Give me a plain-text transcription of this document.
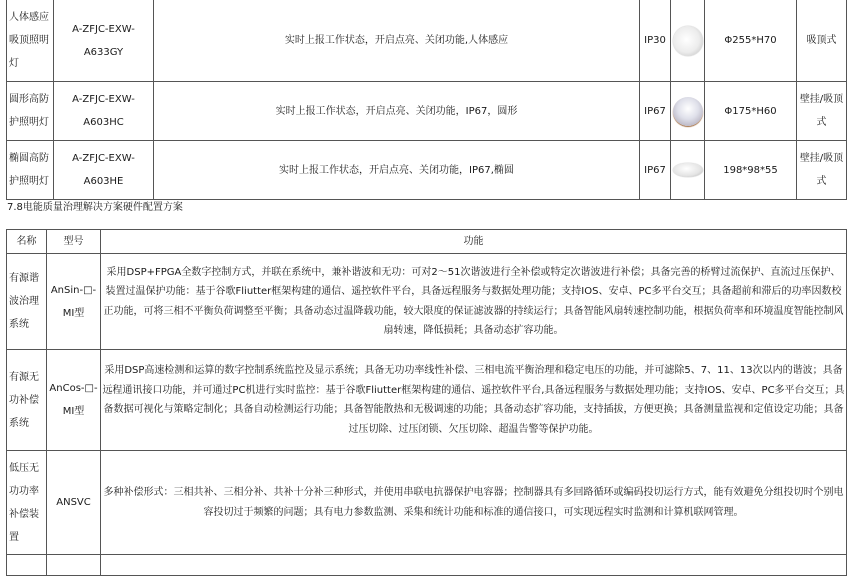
人体感应吸顶照明灯	A-ZFJC-EXW-A633GY	实时上报工作状态，开启点亮、关闭功能,人体感应	IP30		Φ255*H70	吸顶式
圆形高防护照明灯	A-ZFJC-EXW-A603HC	实时上报工作状态，开启点亮、关闭功能，IP67，圆形	IP67		Φ175*H60	壁挂/吸顶式
椭圆高防护照明灯	A-ZFJC-EXW-A603HE	实时上报工作状态，开启点亮、关闭功能，IP67,椭圆	IP67		198*98*55	壁挂/吸顶式

7.8电能质量治理解决方案硬件配置方案

名称	型号	功能
有源谐波治理系统	AnSin-□-MI型	采用DSP+FPGA全数字控制方式，并联在系统中，兼补谐波和无功：可对2～51次谐波进行全补偿或特定次谐波进行补偿；具备完善的桥臂过流保护、直流过压保护、装置过温保护功能：基于谷歌Fliutter框架构建的通信、遥控软件平台，具备远程服务与数据处理功能；支持IOS、安卓、PC多平台交互；具备超前和滞后的功率因数校正功能，可将三相不平衡负荷调整至平衡；具备动态过温降载功能，较大限度的保证滤波器的持续运行；具备智能风扇转速控制功能，根据负荷率和环境温度智能控制风扇转速，降低损耗；具备动态扩容功能。
有源无功补偿系统	AnCos-□-MI型	采用DSP高速检测和运算的数字控制系统监控及显示系统；具备无功功率线性补偿、三相电流平衡治理和稳定电压的功能，并可滤除5、7、11、13次以内的谐波；具备远程通讯接口功能，并可通过PC机进行实时监控：基于谷歌Fliutter框架构建的通信、遥控软件平台,具备远程服务与数据处理功能；支持IOS、安卓、PC多平台交互；具备数据可视化与策略定制化；具备自动检测运行功能；具备智能散热和无极调速的功能；具备动态扩容功能，支持插拔，方便更换；具备测量监视和定值设定功能；具备过压切除、过压闭锁、欠压切除、超温告警等保护功能。
低压无功功率补偿装置	ANSVC	多种补偿形式：三相共补、三相分补、共补十分补三种形式，并使用串联电抗器保护电容器；控制器具有多回路循环或编码投切运行方式，能有效避免分组投切时个别电容投切过于频繁的问题；具有电力参数监测、采集和统计功能和标准的通信接口，可实现远程实时监测和计算机联网管理。
